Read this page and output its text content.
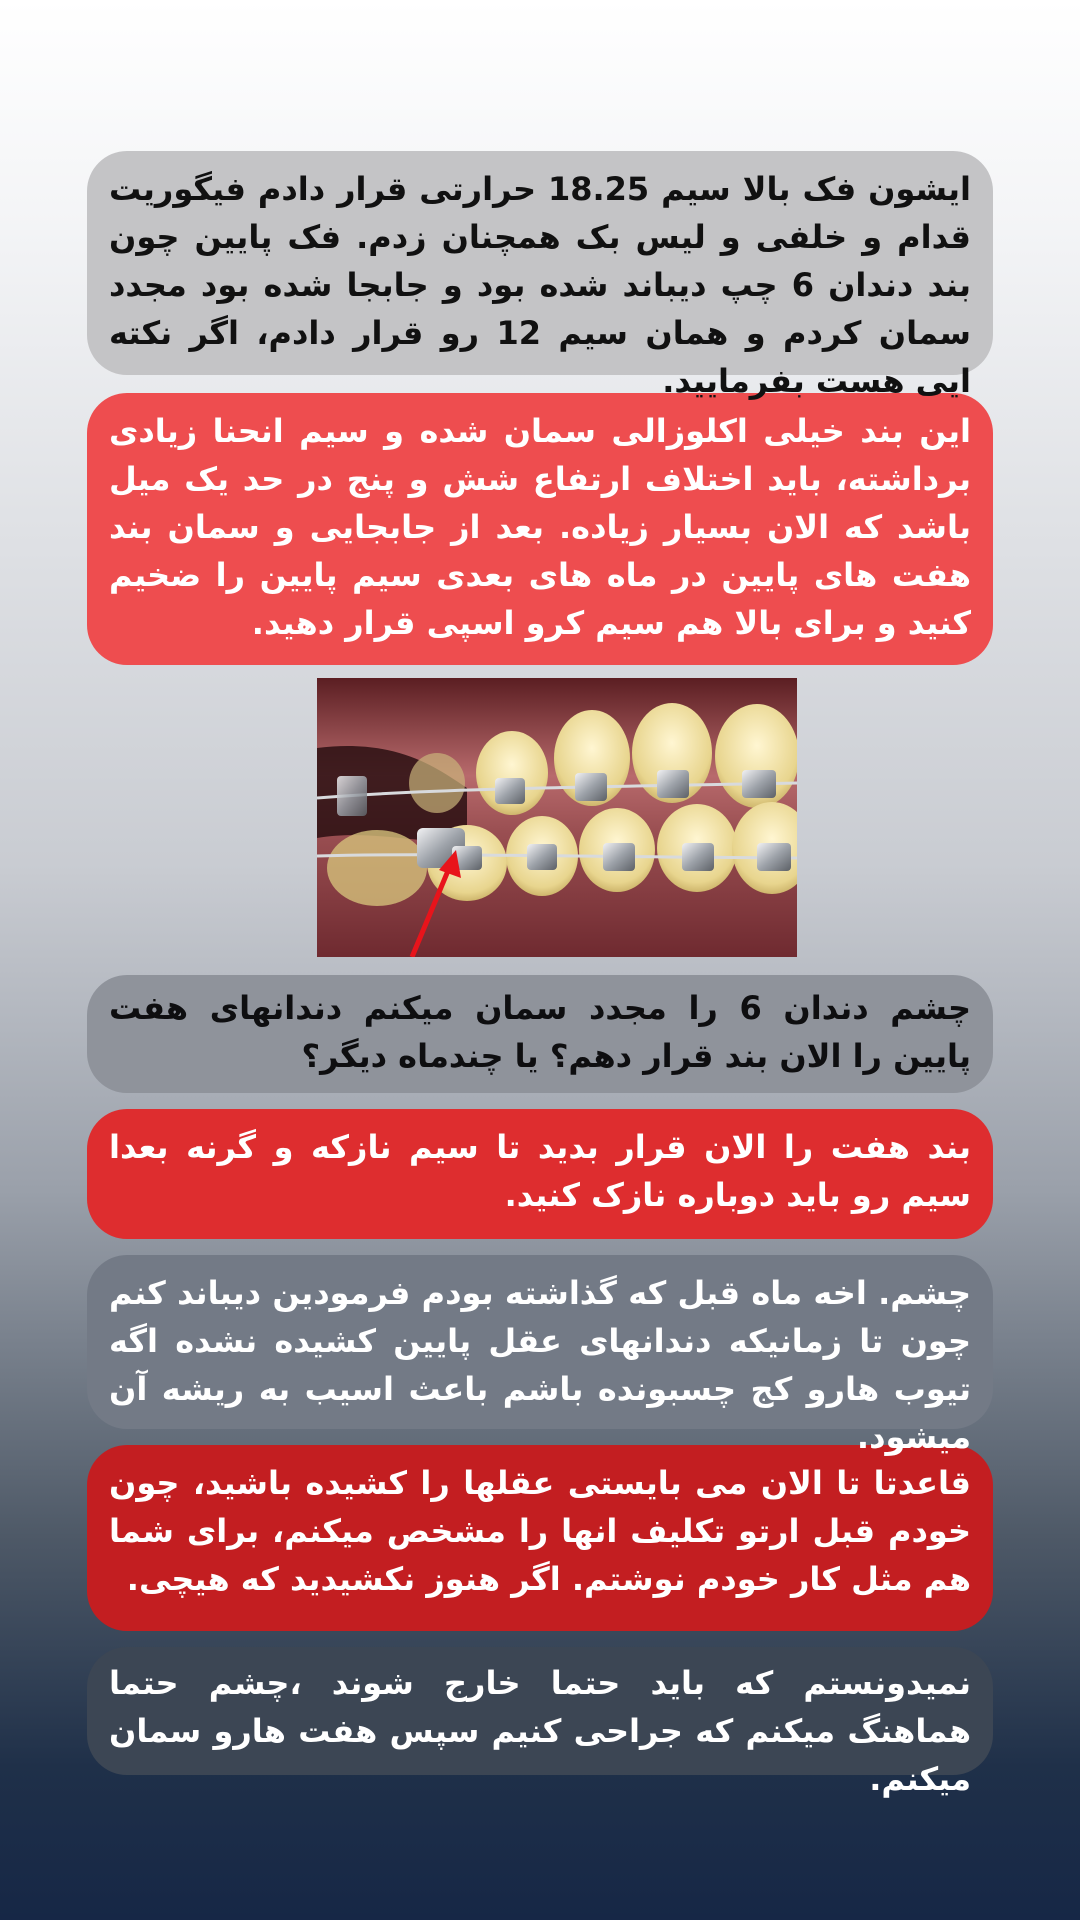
ایشون فک بالا سیم 18.25 حرارتی قرار دادم فیگوریت قدام و خلفی و لیس بک همچنان زدم. فک پایین چون بند دندان 6 چپ دیباند شده بود و جابجا شده بود مجدد سمان کردم و همان سیم 12 رو قرار دادم، اگر نکته ایی هست بفرمایید.
این بند خیلی اکلوزالی سمان شده و سیم انحنا زیادی برداشته، باید اختلاف ارتفاع شش و پنج در حد یک میل باشد که الان بسیار زیاده. بعد از جابجایی و سمان بند هفت های پایین در ماه های بعدی سیم پایین را ضخیم کنید و برای بالا هم سیم کرو اسپی قرار دهید.
چشم دندان 6 را مجدد سمان میکنم دندانهای هفت پایین را الان بند قرار دهم؟ یا چندماه دیگر؟
بند هفت را الان قرار بدید تا سیم نازکه و گرنه بعدا سیم رو باید دوباره نازک کنید.
چشم. اخه ماه قبل که گذاشته بودم فرمودین دیباند کنم چون تا زمانیکه دندانهای عقل پایین کشیده نشده اگه تیوب هارو کج چسبونده باشم باعث اسیب به ریشه آن میشود.
قاعدتا تا الان می بایستی عقلها را کشیده باشید، چون خودم قبل ارتو تکلیف انها را مشخص میکنم، برای شما هم مثل کار خودم نوشتم. اگر هنوز نکشیدید که هیچی.
نمیدونستم که باید حتما خارج شوند ،چشم حتما هماهنگ میکنم که جراحی کنیم سپس هفت هارو سمان میکنم.
